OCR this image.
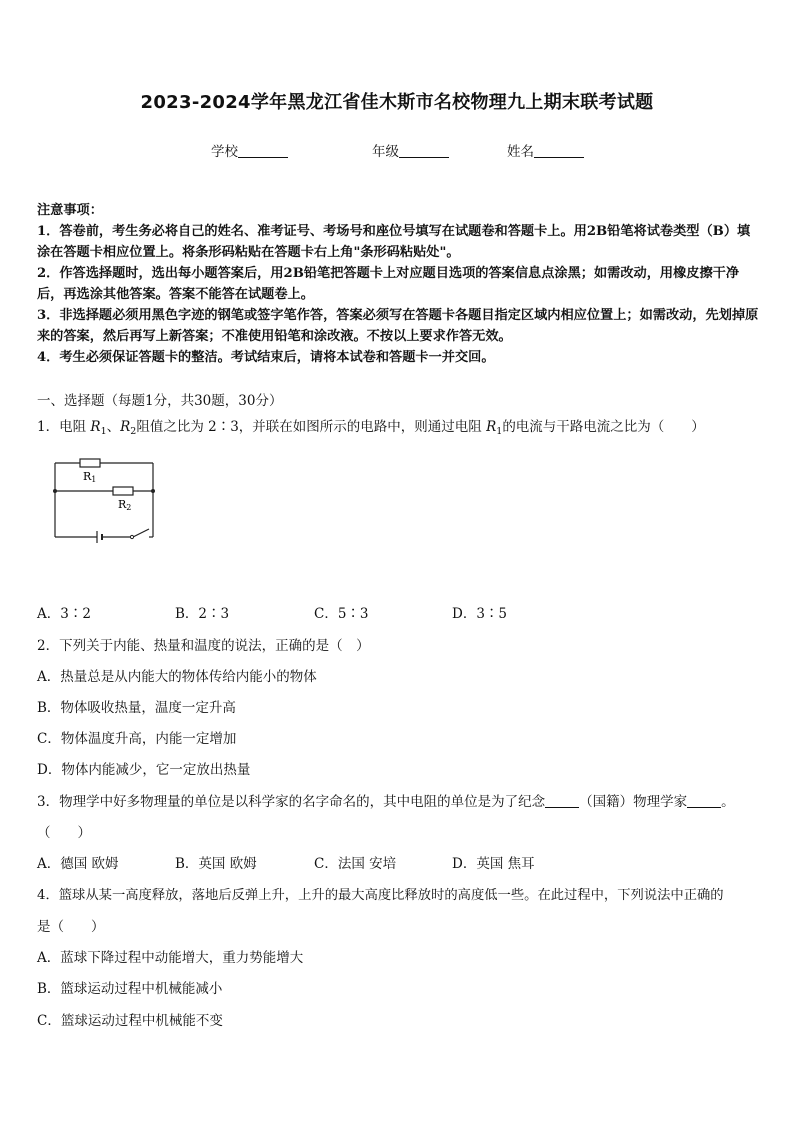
2023-2024学年黑龙江省佳木斯市名校物理九上期末联考试题
学校	年级	姓名
注意事项：
1．答卷前，考生务必将自己的姓名、准考证号、考场号和座位号填写在试题卷和答题卡上。用2B铅笔将试卷类型（B）填涂在答题卡相应位置上。将条形码粘贴在答题卡右上角"条形码粘贴处"。
2．作答选择题时，选出每小题答案后，用2B铅笔把答题卡上对应题目选项的答案信息点涂黑；如需改动，用橡皮擦干净后，再选涂其他答案。答案不能答在试题卷上。
3．非选择题必须用黑色字迹的钢笔或签字笔作答，答案必须写在答题卡各题目指定区域内相应位置上；如需改动，先划掉原来的答案，然后再写上新答案；不准使用铅笔和涂改液。不按以上要求作答无效。
4．考生必须保证答题卡的整洁。考试结束后，请将本试卷和答题卡一并交回。
一、选择题（每题1分，共30题，30分）
1．电阻 $R_1$、$R_2$阻值之比为 2∶3，并联在如图所示的电路中，则通过电阻 $R_1$的电流与干路电流之比为（　　）
R1
R2
A．3∶2	B．2∶3	C．5∶3	D．3∶5
2．下列关于内能、热量和温度的说法，正确的是（　）
A．热量总是从内能大的物体传给内能小的物体
B．物体吸收热量，温度一定升高
C．物体温度升高，内能一定增加
D．物体内能减少，它一定放出热量
3．物理学中好多物理量的单位是以科学家的名字命名的，其中电阻的单位是为了纪念	（国籍）物理学家	。
（　　）
A．德国 欧姆	B．英国 欧姆	C．法国 安培	D．英国 焦耳
4．篮球从某一高度释放，落地后反弹上升，上升的最大高度比释放时的高度低一些。在此过程中，下列说法中正确的
是（　　）
A．蓝球下降过程中动能增大，重力势能增大
B．篮球运动过程中机械能减小
C．篮球运动过程中机械能不变
